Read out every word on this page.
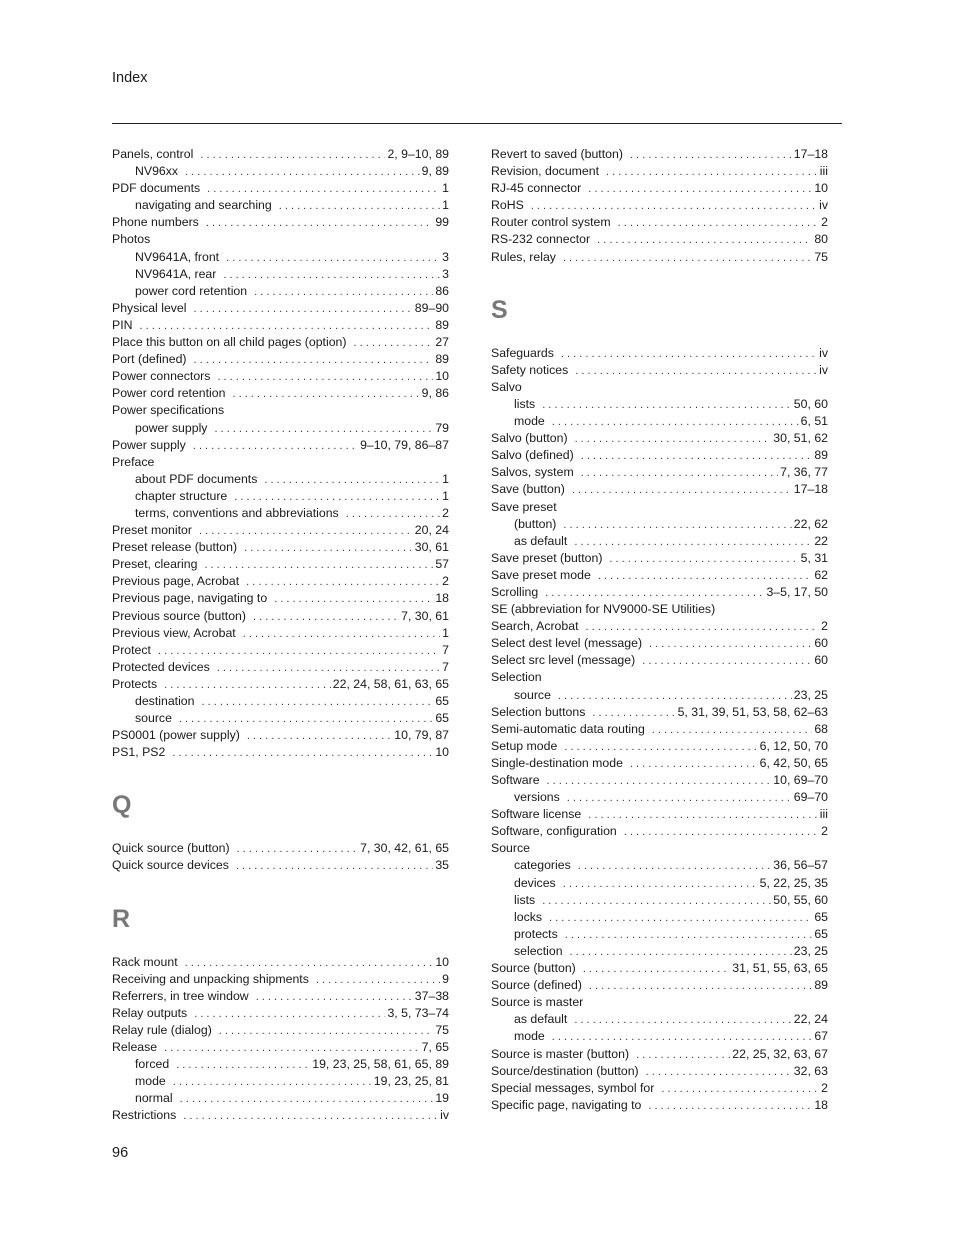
Index
Panels, control . . .	2, 9–10, 89
NV96xx . . .	9, 89
PDF documents . . .	1
navigating and searching . . .	1
Phone numbers . . .	99
Photos
NV9641A, front . . .	3
NV9641A, rear . . .	3
power cord retention . . .	86
Physical level . . .	89–90
PIN . . .	89
Place this button on all child pages (option) . . .	27
Port (defined) . . .	89
Power connectors . . .	10
Power cord retention . . .	9, 86
Power specifications
power supply . . .	79
Power supply . . .	9–10, 79, 86–87
Preface
about PDF documents . . .	1
chapter structure . . .	1
terms, conventions and abbreviations . . .	2
Preset monitor . . .	20, 24
Preset release (button) . . .	30, 61
Preset, clearing . . .	57
Previous page, Acrobat . . .	2
Previous page, navigating to . . .	18
Previous source (button) . . .	7, 30, 61
Previous view, Acrobat . . .	1
Protect . . .	7
Protected devices . . .	7
Protects . . .	22, 24, 58, 61, 63, 65
destination . . .	65
source . . .	65
PS0001 (power supply) . . .	10, 79, 87
PS1, PS2 . . .	10
Q
Quick source (button) . . .	7, 30, 42, 61, 65
Quick source devices . . .	35
R
Rack mount . . .	10
Receiving and unpacking shipments . . .	9
Referrers, in tree window . . .	37–38
Relay outputs . . .	3, 5, 73–74
Relay rule (dialog) . . .	75
Release . . .	7, 65
forced . . .	19, 23, 25, 58, 61, 65, 89
mode . . .	19, 23, 25, 81
normal . . .	19
Restrictions . . .	iv
Revert to saved (button) . . .	17–18
Revision, document . . .	iii
RJ-45 connector . . .	10
RoHS . . .	iv
Router control system . . .	2
RS-232 connector . . .	80
Rules, relay . . .	75
S
Safeguards . . .	iv
Safety notices . . .	iv
Salvo
lists . . .	50, 60
mode . . .	6, 51
Salvo (button) . . .	30, 51, 62
Salvo (defined) . . .	89
Salvos, system . . .	7, 36, 77
Save (button) . . .	17–18
Save preset
(button) . . .	22, 62
as default . . .	22
Save preset (button) . . .	5, 31
Save preset mode . . .	62
Scrolling . . .	3–5, 17, 50
SE (abbreviation for NV9000-SE Utilities)
Search, Acrobat . . .	2
Select dest level (message) . . .	60
Select src level (message) . . .	60
Selection
source . . .	23, 25
Selection buttons . . .	5, 31, 39, 51, 53, 58, 62–63
Semi-automatic data routing . . .	68
Setup mode . . .	6, 12, 50, 70
Single-destination mode . . .	6, 42, 50, 65
Software . . .	10, 69–70
versions . . .	69–70
Software license . . .	iii
Software, configuration . . .	2
Source
categories . . .	36, 56–57
devices . . .	5, 22, 25, 35
lists . . .	50, 55, 60
locks . . .	65
protects . . .	65
selection . . .	23, 25
Source (button) . . .	31, 51, 55, 63, 65
Source (defined) . . .	89
Source is master
as default . . .	22, 24
mode . . .	67
Source is master (button) . . .	22, 25, 32, 63, 67
Source/destination (button) . . .	32, 63
Special messages, symbol for . . .	2
Specific page, navigating to . . .	18
96
